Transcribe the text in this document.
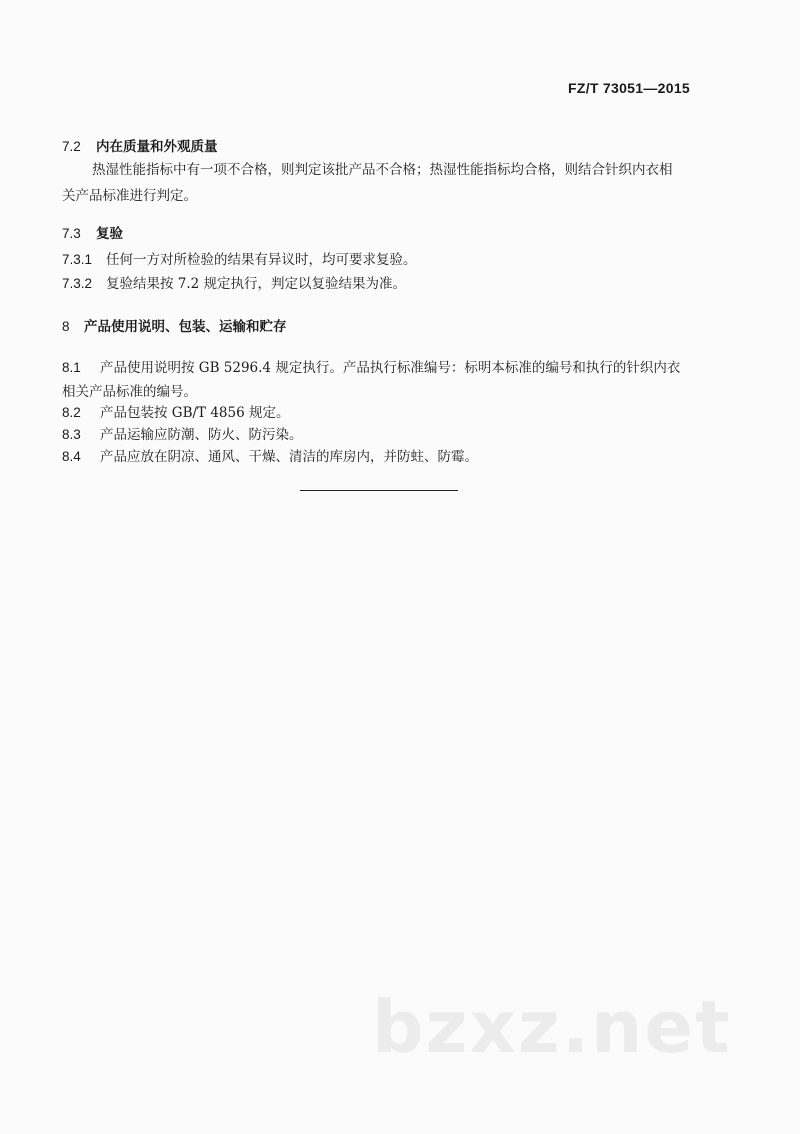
FZ/T 73051—2015
7.2 内在质量和外观质量
热湿性能指标中有一项不合格，则判定该批产品不合格；热湿性能指标均合格，则结合针织内衣相
关产品标准进行判定。
7.3 复验
7.3.1 任何一方对所检验的结果有异议时，均可要求复验。
7.3.2 复验结果按 7.2 规定执行，判定以复验结果为准。
8 产品使用说明、包装、运输和贮存
8.1 产品使用说明按 GB 5296.4 规定执行。产品执行标准编号：标明本标准的编号和执行的针织内衣
相关产品标准的编号。
8.2 产品包装按 GB/T 4856 规定。
8.3 产品运输应防潮、防火、防污染。
8.4 产品应放在阴凉、通风、干燥、清洁的库房内，并防蛀、防霉。
bzxz.net
